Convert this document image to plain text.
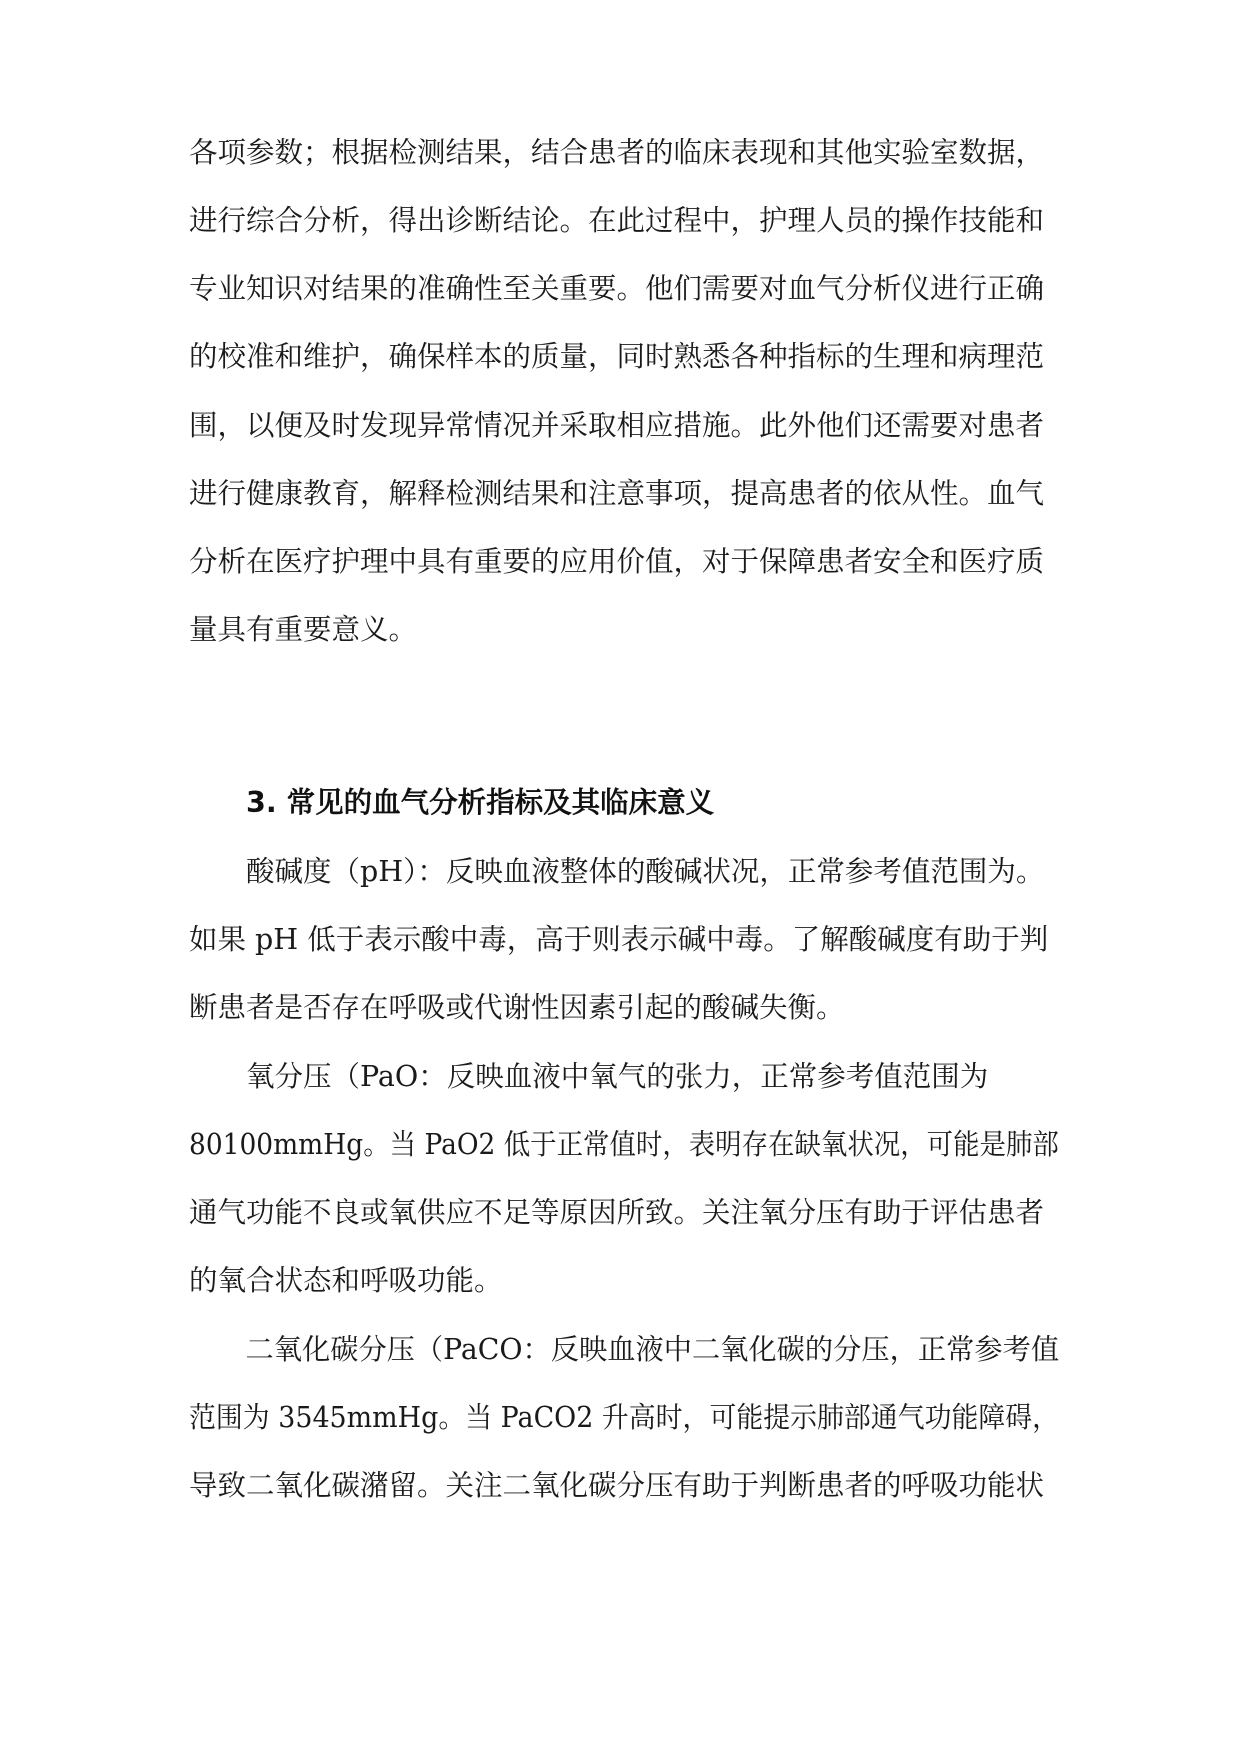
各项参数；根据检测结果，结合患者的临床表现和其他实验室数据，
进行综合分析，得出诊断结论。在此过程中，护理人员的操作技能和
专业知识对结果的准确性至关重要。他们需要对血气分析仪进行正确
的校准和维护，确保样本的质量，同时熟悉各种指标的生理和病理范
围，以便及时发现异常情况并采取相应措施。此外他们还需要对患者
进行健康教育，解释检测结果和注意事项，提高患者的依从性。血气
分析在医疗护理中具有重要的应用价值，对于保障患者安全和医疗质
量具有重要意义。
3. 常见的血气分析指标及其临床意义
　　酸碱度（pH）：反映血液整体的酸碱状况，正常参考值范围为。
如果 pH 低于表示酸中毒，高于则表示碱中毒。了解酸碱度有助于判
断患者是否存在呼吸或代谢性因素引起的酸碱失衡。
　　氧分压（PaO：反映血液中氧气的张力，正常参考值范围为
80100mmHg。当 PaO2 低于正常值时，表明存在缺氧状况，可能是肺部
通气功能不良或氧供应不足等原因所致。关注氧分压有助于评估患者
的氧合状态和呼吸功能。
　　二氧化碳分压（PaCO：反映血液中二氧化碳的分压，正常参考值
范围为 3545mmHg。当 PaCO2 升高时，可能提示肺部通气功能障碍，
导致二氧化碳潴留。关注二氧化碳分压有助于判断患者的呼吸功能状
